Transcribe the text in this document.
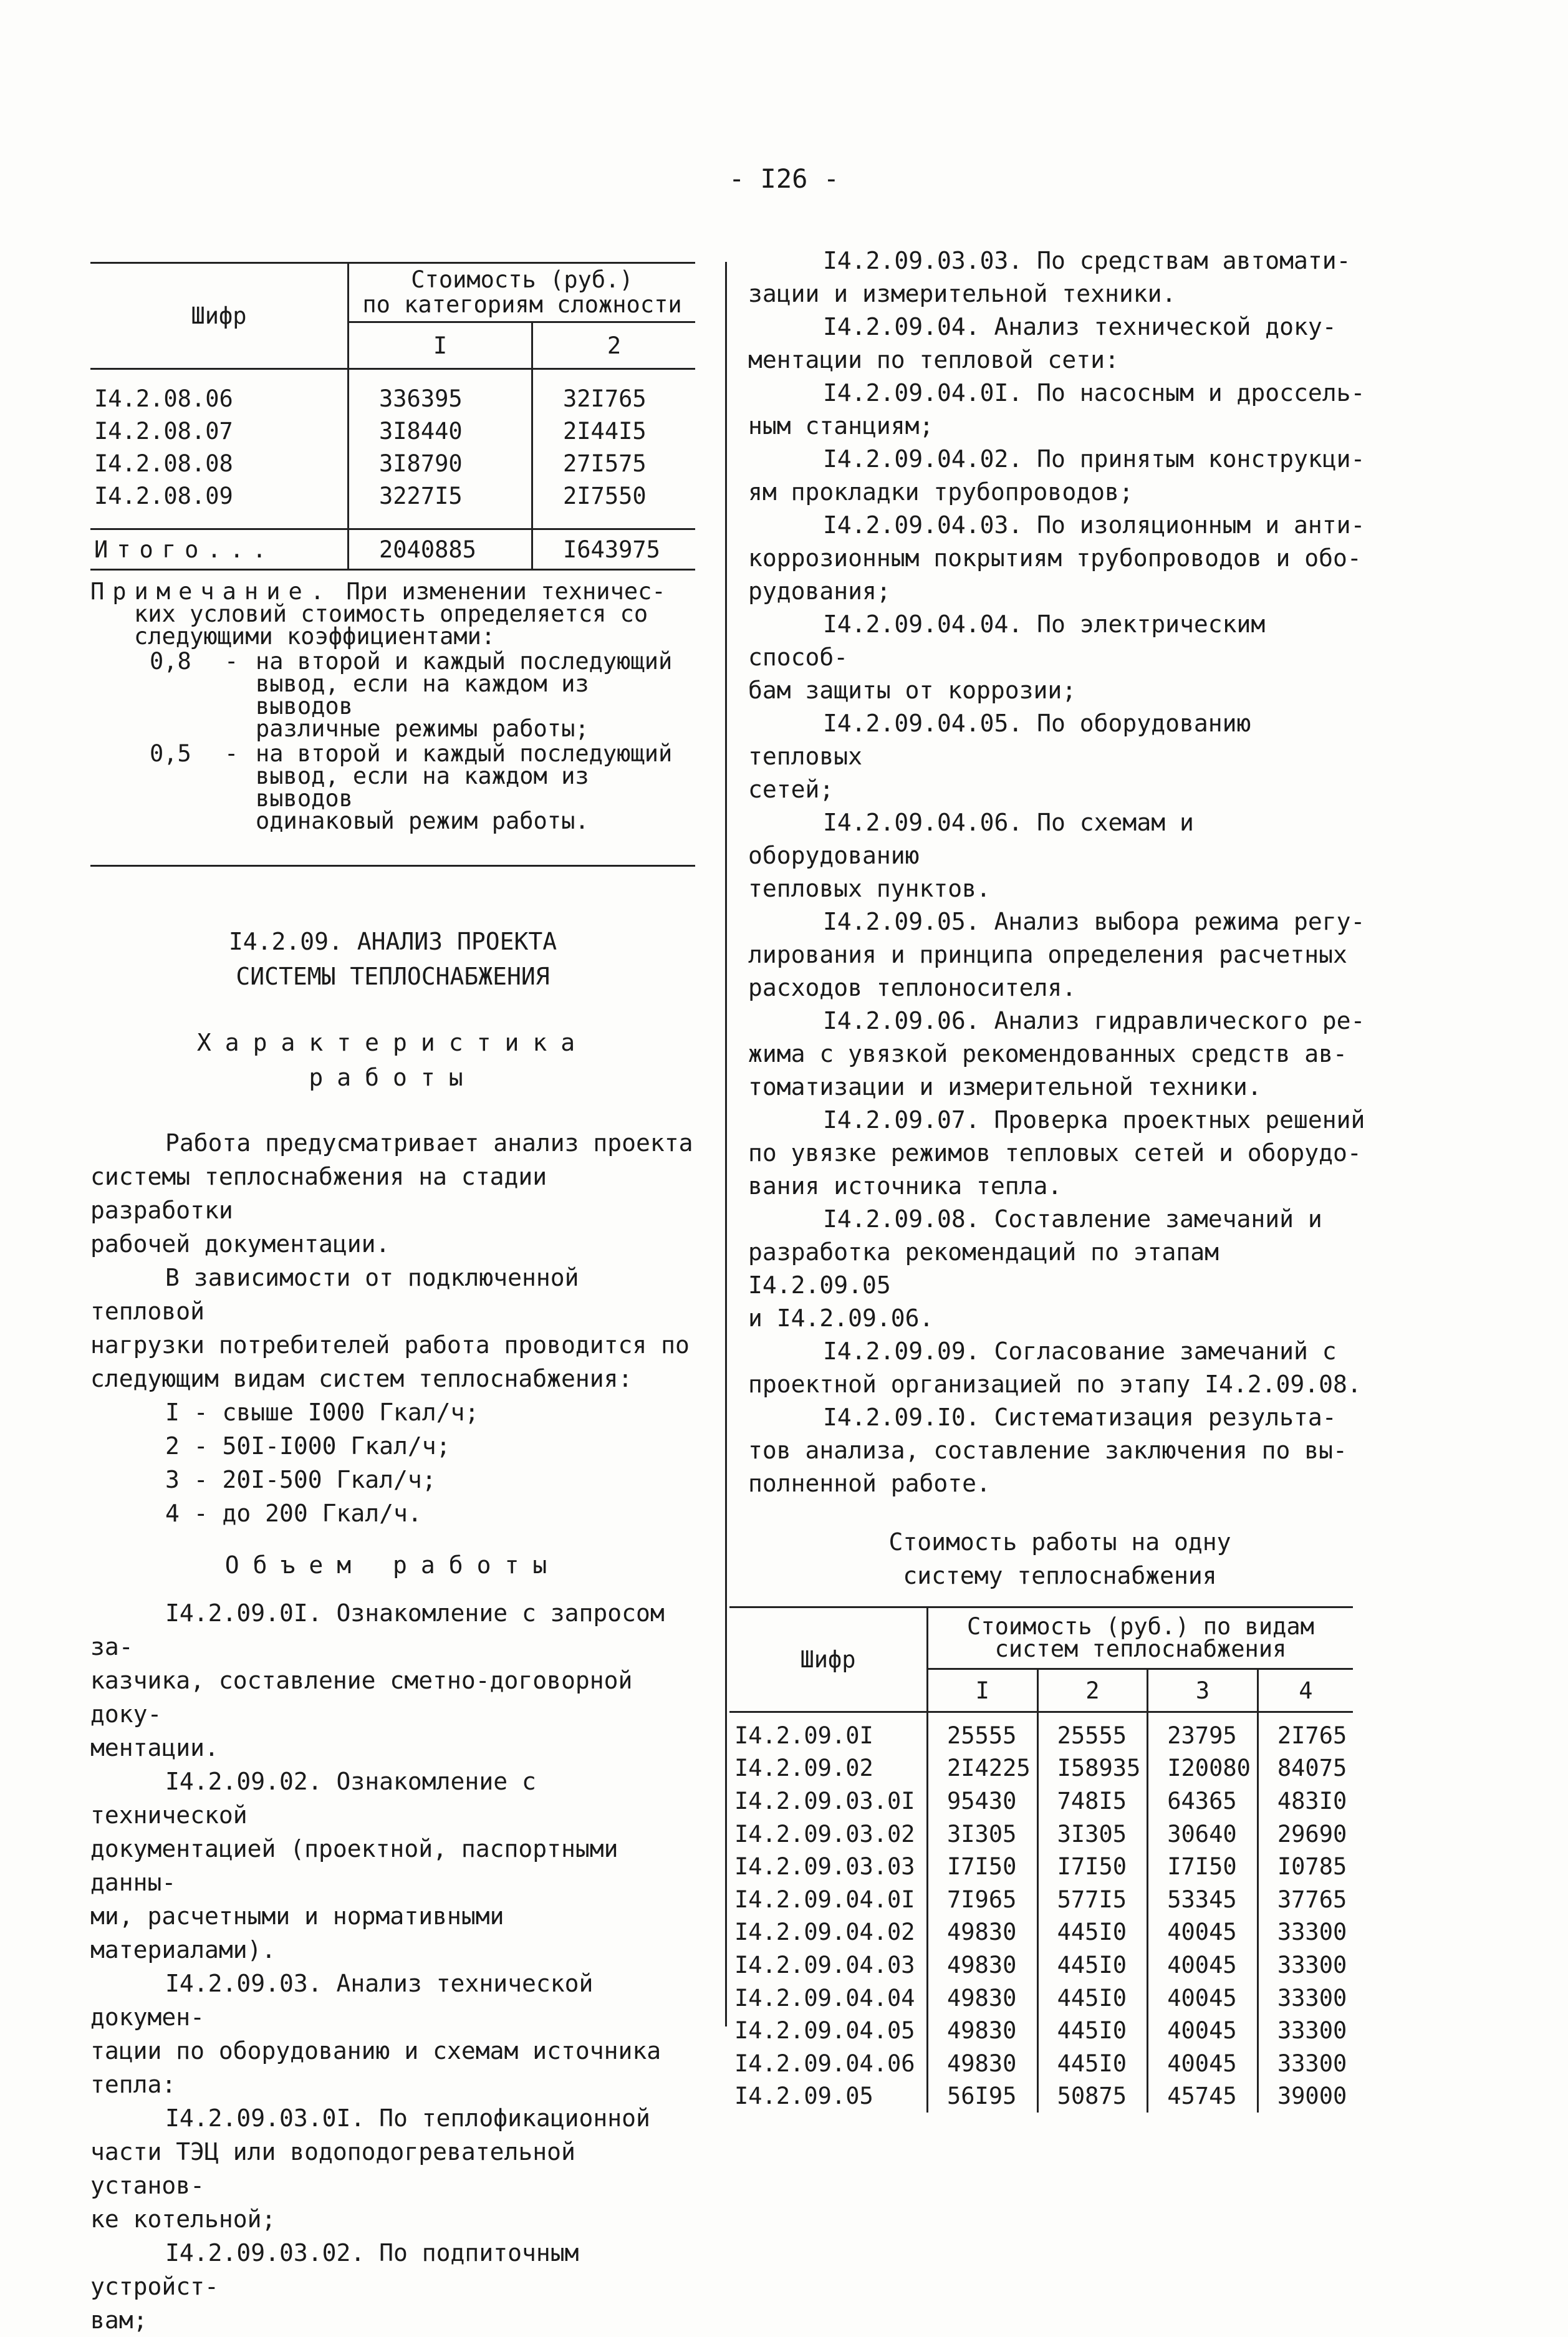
- I26 -
Шифр	Стоимость (руб.)
по категориям сложности	
	I	2
I4.2.08.06	336395	32I765
I4.2.08.07	3I8440	2I44I5
I4.2.08.08	3I8790	27I575
I4.2.08.09	3227I5	2I7550
Итого...	2040885	I643975
Примечание. При изменении техничес-
ких условий стоимость определяется со
следующими коэффициентами:
0,8	- на второй и каждый последующий
вывод, если на каждом из выводов
различные режимы работы;
0,5	- на второй и каждый последующий
вывод, если на каждом из выводов
одинаковый режим работы.
I4.2.09. АНАЛИЗ ПРОЕКТА
СИСТЕМЫ ТЕПЛОСНАБЖЕНИЯ
Характеристика
работы

Работа предусматривает анализ проекта
системы теплоснабжения на стадии разработки
рабочей документации.

В зависимости от подключенной тепловой
нагрузки потребителей работа проводится по
следующим видам систем теплоснабжения:

I - свыше I000 Гкал/ч;
2 - 50I-I000 Гкал/ч;
3 - 20I-500 Гкал/ч;
4 - до 200 Гкал/ч.
Объем работы

I4.2.09.0I. Ознакомление с запросом за-
казчика, составление сметно-договорной доку-
ментации.

I4.2.09.02. Ознакомление с технической
документацией (проектной, паспортными данны-
ми, расчетными и нормативными материалами).

I4.2.09.03. Анализ технической докумен-
тации по оборудованию и схемам источника
тепла:

I4.2.09.03.0I. По теплофикационной
части ТЭЦ или водоподогревательной установ-
ке котельной;

I4.2.09.03.02. По подпиточным устройст-
вам;

I4.2.09.03.03. По средствам автомати-
зации и измерительной техники.

I4.2.09.04. Анализ технической доку-
ментации по тепловой сети:

I4.2.09.04.0I. По насосным и дроссель-
ным станциям;

I4.2.09.04.02. По принятым конструкци-
ям прокладки трубопроводов;

I4.2.09.04.03. По изоляционным и анти-
коррозионным покрытиям трубопроводов и обо-
рудования;

I4.2.09.04.04. По электрическим способ-
бам защиты от коррозии;

I4.2.09.04.05. По оборудованию тепловых
сетей;

I4.2.09.04.06. По схемам и оборудованию
тепловых пунктов.

I4.2.09.05. Анализ выбора режима регу-
лирования и принципа определения расчетных
расходов теплоносителя.

I4.2.09.06. Анализ гидравлического ре-
жима с увязкой рекомендованных средств ав-
томатизации и измерительной техники.

I4.2.09.07. Проверка проектных решений
по увязке режимов тепловых сетей и оборудо-
вания источника тепла.

I4.2.09.08. Составление замечаний и
разработка рекомендаций по этапам I4.2.09.05
и I4.2.09.06.

I4.2.09.09. Согласование замечаний с
проектной организацией по этапу I4.2.09.08.

I4.2.09.I0. Систематизация результа-
тов анализа, составление заключения по вы-
полненной работе.

Стоимость работы на одну
систему теплоснабжения
Шифр	Стоимость (руб.) по видам
систем теплоснабжения			
	I	2	3	4
I4.2.09.0I	25555	25555	23795	2I765
I4.2.09.02	2I4225	I58935	I20080	84075
I4.2.09.03.0I	95430	748I5	64365	483I0
I4.2.09.03.02	3I305	3I305	30640	29690
I4.2.09.03.03	I7I50	I7I50	I7I50	I0785
I4.2.09.04.0I	7I965	577I5	53345	37765
I4.2.09.04.02	49830	445I0	40045	33300
I4.2.09.04.03	49830	445I0	40045	33300
I4.2.09.04.04	49830	445I0	40045	33300
I4.2.09.04.05	49830	445I0	40045	33300
I4.2.09.04.06	49830	445I0	40045	33300
I4.2.09.05	56I95	50875	45745	39000
